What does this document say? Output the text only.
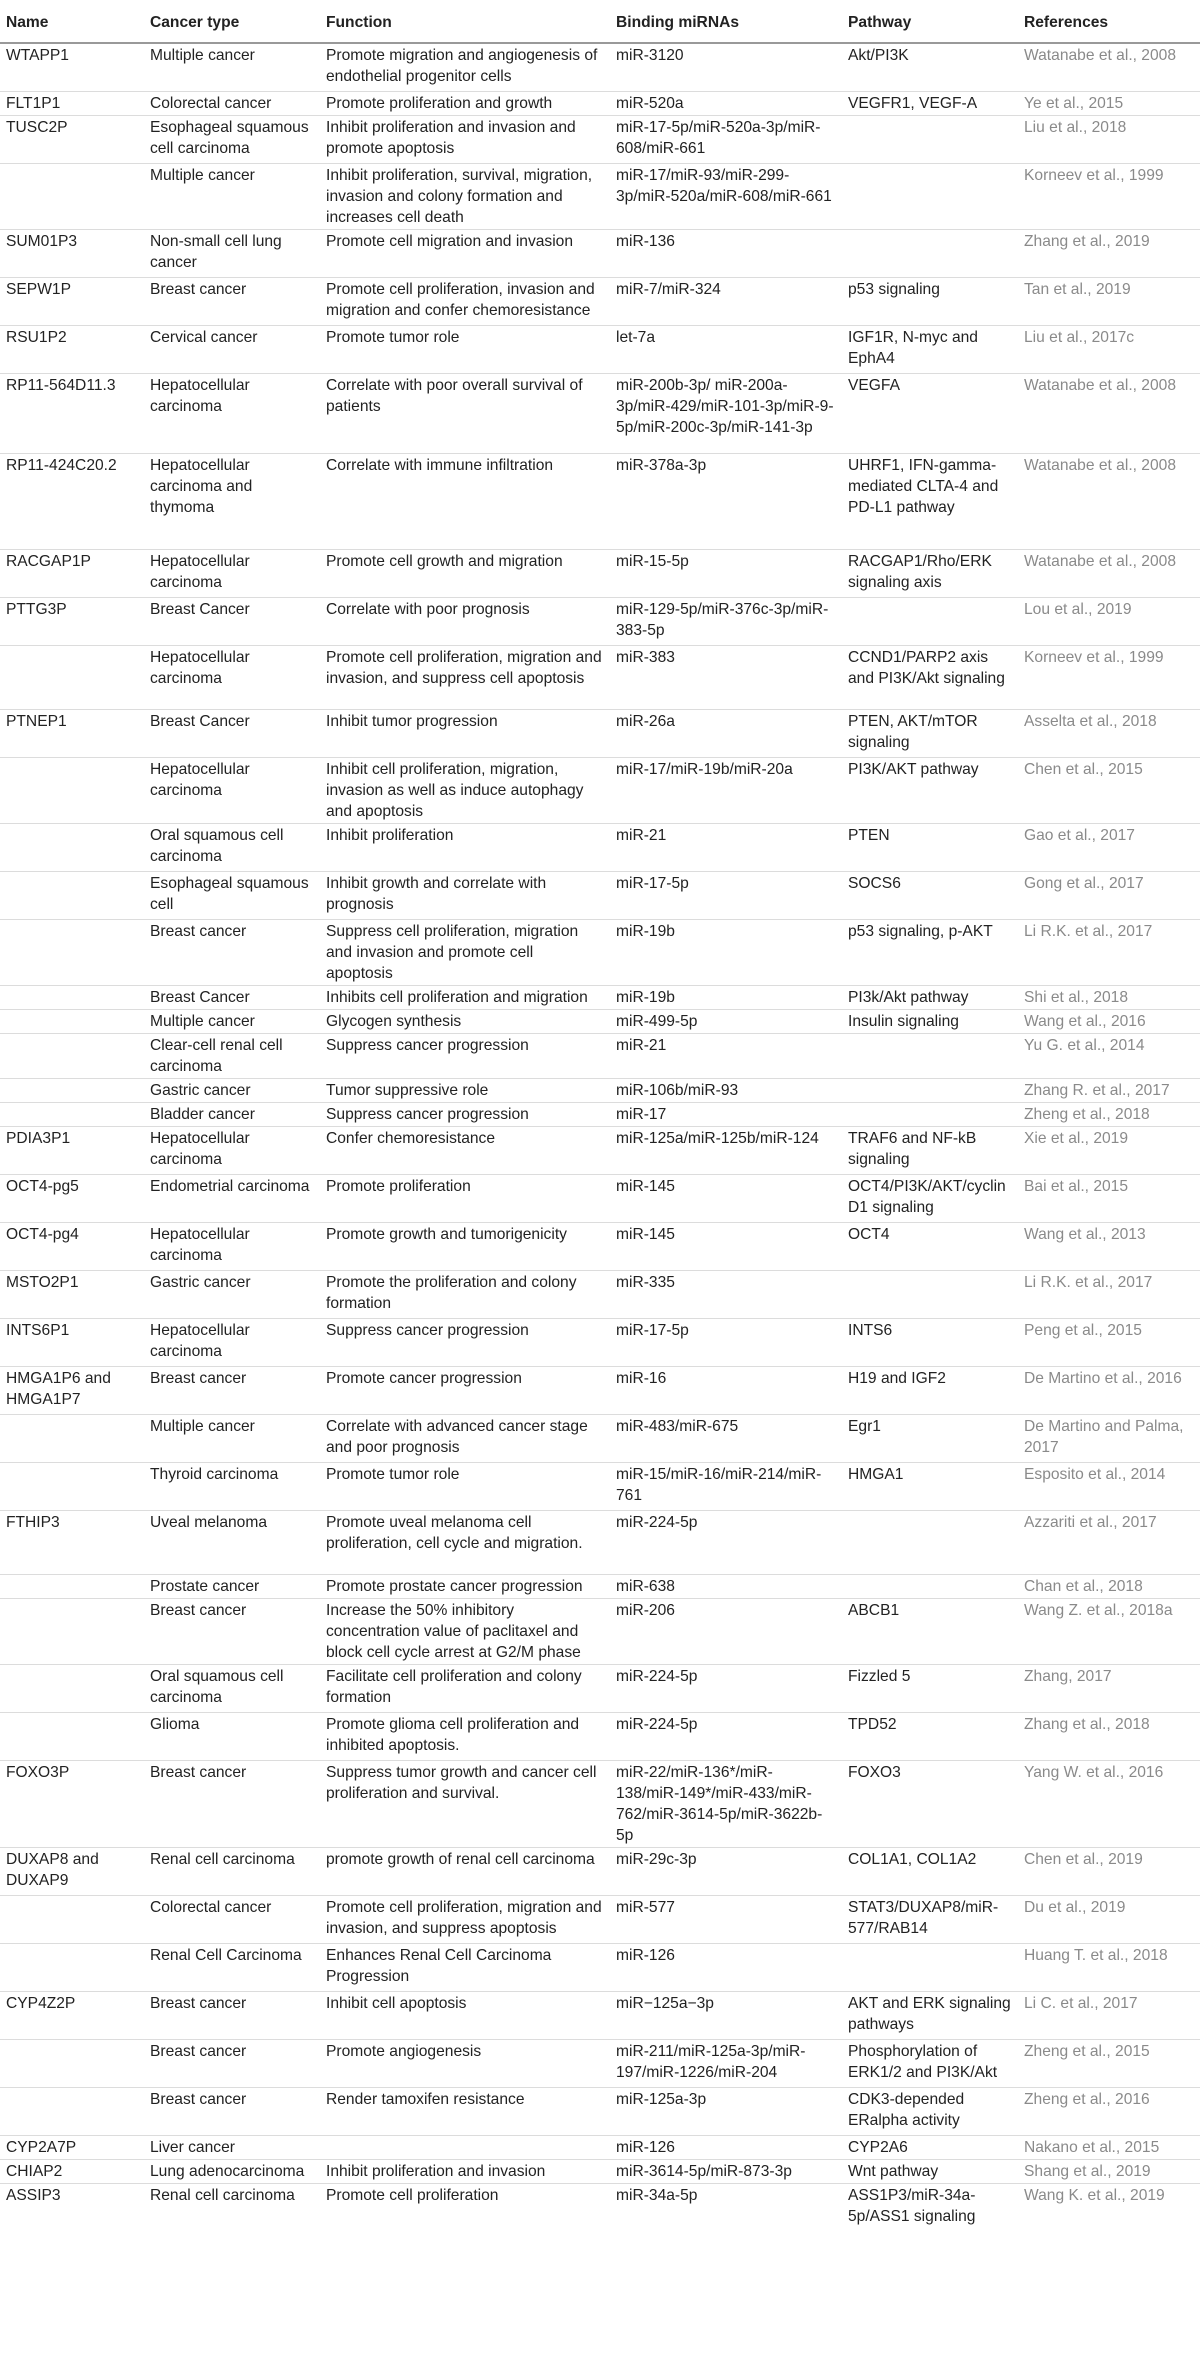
Name	Cancer type	Function	Binding miRNAs	Pathway	References
WTAPP1	Multiple cancer	Promote migration and angiogenesis of endothelial progenitor cells	miR-3120	Akt/PI3K	Watanabe et al., 2008
FLT1P1	Colorectal cancer	Promote proliferation and growth	miR-520a	VEGFR1, VEGF-A	Ye et al., 2015
TUSC2P	Esophageal squamous cell carcinoma	Inhibit proliferation and invasion and promote apoptosis	miR-17-5p/miR-520a-3p/miR-608/miR-661		Liu et al., 2018
	Multiple cancer	Inhibit proliferation, survival, migration, invasion and colony formation and increases cell death	miR-17/miR-93/miR-299-3p/miR-520a/miR-608/miR-661		Korneev et al., 1999
SUM01P3	Non-small cell lung cancer	Promote cell migration and invasion	miR-136		Zhang et al., 2019
SEPW1P	Breast cancer	Promote cell proliferation, invasion and migration and confer chemoresistance	miR-7/miR-324	p53 signaling	Tan et al., 2019
RSU1P2	Cervical cancer	Promote tumor role	let-7a	IGF1R, N-myc and EphA4	Liu et al., 2017c
RP11-564D11.3	Hepatocellular carcinoma	Correlate with poor overall survival of patients	miR-200b-3p/ miR-200a-3p/miR-429/miR-101-3p/miR-9-5p/miR-200c-3p/miR-141-3p	VEGFA	Watanabe et al., 2008
RP11-424C20.2	Hepatocellular carcinoma and thymoma	Correlate with immune infiltration	miR-378a-3p	UHRF1, IFN-gamma-mediated CLTA-4 and PD-L1 pathway	Watanabe et al., 2008
RACGAP1P	Hepatocellular carcinoma	Promote cell growth and migration	miR-15-5p	RACGAP1/Rho/ERK signaling axis	Watanabe et al., 2008
PTTG3P	Breast Cancer	Correlate with poor prognosis	miR-129-5p/miR-376c-3p/miR-383-5p		Lou et al., 2019
	Hepatocellular carcinoma	Promote cell proliferation, migration and invasion, and suppress cell apoptosis	miR-383	CCND1/PARP2 axis and PI3K/Akt signaling	Korneev et al., 1999
PTNEP1	Breast Cancer	Inhibit tumor progression	miR-26a	PTEN, AKT/mTOR signaling	Asselta et al., 2018
	Hepatocellular carcinoma	Inhibit cell proliferation, migration, invasion as well as induce autophagy and apoptosis	miR-17/miR-19b/miR-20a	PI3K/AKT pathway	Chen et al., 2015
	Oral squamous cell carcinoma	Inhibit proliferation	miR-21	PTEN	Gao et al., 2017
	Esophageal squamous cell	Inhibit growth and correlate with prognosis	miR-17-5p	SOCS6	Gong et al., 2017
	Breast cancer	Suppress cell proliferation, migration and invasion and promote cell apoptosis	miR-19b	p53 signaling, p-AKT	Li R.K. et al., 2017
	Breast Cancer	Inhibits cell proliferation and migration	miR-19b	PI3k/Akt pathway	Shi et al., 2018
	Multiple cancer	Glycogen synthesis	miR-499-5p	Insulin signaling	Wang et al., 2016
	Clear-cell renal cell carcinoma	Suppress cancer progression	miR-21		Yu G. et al., 2014
	Gastric cancer	Tumor suppressive role	miR-106b/miR-93		Zhang R. et al., 2017
	Bladder cancer	Suppress cancer progression	miR-17		Zheng et al., 2018
PDIA3P1	Hepatocellular carcinoma	Confer chemoresistance	miR-125a/miR-125b/miR-124	TRAF6 and NF-kB signaling	Xie et al., 2019
OCT4-pg5	Endometrial carcinoma	Promote proliferation	miR-145	OCT4/PI3K/AKT/cyclin D1 signaling	Bai et al., 2015
OCT4-pg4	Hepatocellular carcinoma	Promote growth and tumorigenicity	miR-145	OCT4	Wang et al., 2013
MSTO2P1	Gastric cancer	Promote the proliferation and colony formation	miR-335		Li R.K. et al., 2017
INTS6P1	Hepatocellular carcinoma	Suppress cancer progression	miR-17-5p	INTS6	Peng et al., 2015
HMGA1P6 and HMGA1P7	Breast cancer	Promote cancer progression	miR-16	H19 and IGF2	De Martino et al., 2016
	Multiple cancer	Correlate with advanced cancer stage and poor prognosis	miR-483/miR-675	Egr1	De Martino and Palma, 2017
	Thyroid carcinoma	Promote tumor role	miR-15/miR-16/miR-214/miR-761	HMGA1	Esposito et al., 2014
FTHIP3	Uveal melanoma	Promote uveal melanoma cell proliferation, cell cycle and migration.	miR-224-5p		Azzariti et al., 2017
	Prostate cancer	Promote prostate cancer progression	miR-638		Chan et al., 2018
	Breast cancer	Increase the 50% inhibitory concentration value of paclitaxel and block cell cycle arrest at G2/M phase	miR-206	ABCB1	Wang Z. et al., 2018a
	Oral squamous cell carcinoma	Facilitate cell proliferation and colony formation	miR-224-5p	Fizzled 5	Zhang, 2017
	Glioma	Promote glioma cell proliferation and inhibited apoptosis.	miR-224-5p	TPD52	Zhang et al., 2018
FOXO3P	Breast cancer	Suppress tumor growth and cancer cell proliferation and survival.	miR-22/miR-136*/miR-138/miR-149*/miR-433/miR-762/miR-3614-5p/miR-3622b-5p	FOXO3	Yang W. et al., 2016
DUXAP8 and DUXAP9	Renal cell carcinoma	promote growth of renal cell carcinoma	miR-29c-3p	COL1A1, COL1A2	Chen et al., 2019
	Colorectal cancer	Promote cell proliferation, migration and invasion, and suppress apoptosis	miR-577	STAT3/DUXAP8/miR-577/RAB14	Du et al., 2019
	Renal Cell Carcinoma	Enhances Renal Cell Carcinoma Progression	miR-126		Huang T. et al., 2018
CYP4Z2P	Breast cancer	Inhibit cell apoptosis	miR−125a−3p	AKT and ERK signaling pathways	Li C. et al., 2017
	Breast cancer	Promote angiogenesis	miR-211/miR-125a-3p/miR-197/miR-1226/miR-204	Phosphorylation of ERK1/2 and PI3K/Akt	Zheng et al., 2015
	Breast cancer	Render tamoxifen resistance	miR-125a-3p	CDK3-depended ERalpha activity	Zheng et al., 2016
CYP2A7P	Liver cancer		miR-126	CYP2A6	Nakano et al., 2015
CHIAP2	Lung adenocarcinoma	Inhibit proliferation and invasion	miR-3614-5p/miR-873-3p	Wnt pathway	Shang et al., 2019
ASSIP3	Renal cell carcinoma	Promote cell proliferation	miR-34a-5p	ASS1P3/miR-34a-5p/ASS1 signaling	Wang K. et al., 2019
